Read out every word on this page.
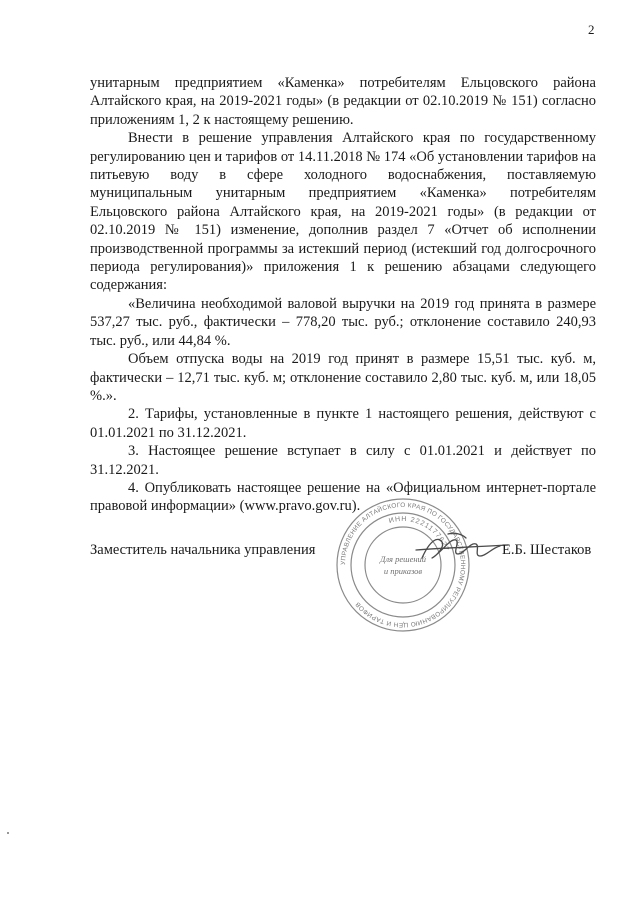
2

унитарным предприятием «Каменка» потребителям Ельцовского района Алтайского края, на 2019-2021 годы» (в редакции от 02.10.2019 № 151) согласно приложениям 1, 2 к настоящему решению.

Внести в решение управления Алтайского края по государственному регулированию цен и тарифов от 14.11.2018 № 174 «Об установлении тарифов на питьевую воду в сфере холодного водоснабжения, поставляемую муниципальным унитарным предприятием «Каменка» потребителям Ельцовского района Алтайского края, на 2019-2021 годы» (в редакции от 02.10.2019 № 151) изменение, дополнив раздел 7 «Отчет об исполнении производственной программы за истекший период (истекший год долгосрочного периода регулирования)» приложения 1 к решению абзацами следующего содержания:

«Величина необходимой валовой выручки на 2019 год принята в размере 537,27 тыс. руб., фактически – 778,20 тыс. руб.; отклонение составило 240,93 тыс. руб., или 44,84 %.

Объем отпуска воды на 2019 год принят в размере 15,51 тыс. куб. м, фактически – 12,71 тыс. куб. м; отклонение составило 2,80 тыс. куб. м, или 18,05 %.».

2. Тарифы, установленные в пункте 1 настоящего решения, действуют с 01.01.2021 по 31.12.2021.

3. Настоящее решение вступает в силу с 01.01.2021 и действует по 31.12.2021.

4. Опубликовать настоящее решение на «Официальном интернет-портале правовой информации» (www.pravo.gov.ru).

УПРАВЛЕНИЕ АЛТАЙСКОГО КРАЯ ПО ГОСУДАРСТВЕННОМУ РЕГУЛИРОВАНИЮ ЦЕН И ТАРИФОВ
ИНН 2221177627
Для решений
и приказов
Заместитель начальника управления	Е.Б. Шестаков
